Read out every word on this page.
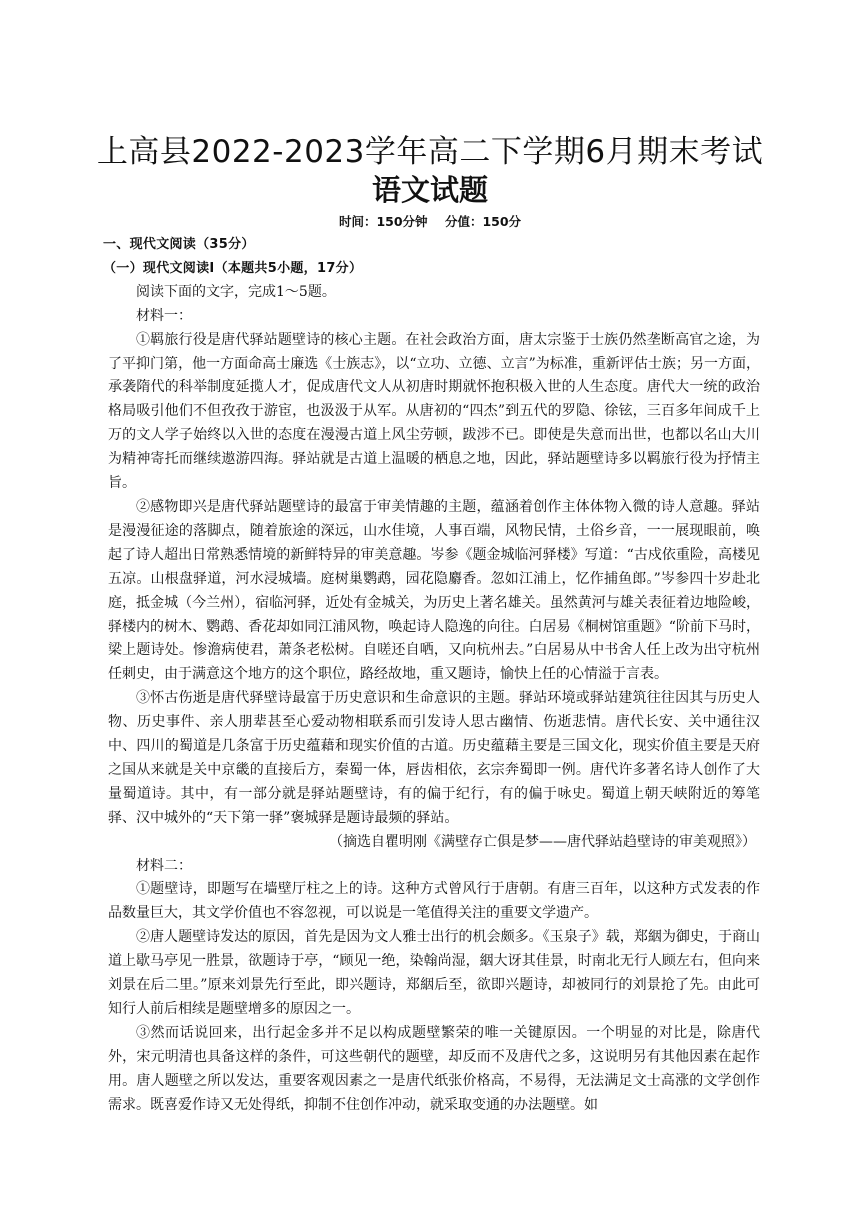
上高县2022-2023学年高二下学期6月期末考试
语文试题
时间：150分钟    分值：150分

一、现代文阅读（35分）

（一）现代文阅读Ⅰ（本题共5小题，17分）

阅读下面的文字，完成1～5题。

材料一：

①羁旅行役是唐代驿站题壁诗的核心主题。在社会政治方面，唐太宗鉴于士族仍然垄断高官之途，为了平抑门第，他一方面命高士廉选《士族志》，以“立功、立德、立言”为标准，重新评估士族；另一方面，承袭隋代的科举制度延揽人才，促成唐代文人从初唐时期就怀抱积极入世的人生态度。唐代大一统的政治格局吸引他们不但孜孜于游宦，也汲汲于从军。从唐初的“四杰”到五代的罗隐、徐铉，三百多年间成千上万的文人学子始终以入世的态度在漫漫古道上风尘劳顿，跋涉不已。即使是失意而出世，也都以名山大川为精神寄托而继续遨游四海。驿站就是古道上温暖的栖息之地，因此，驿站题壁诗多以羁旅行役为抒情主旨。

②感物即兴是唐代驿站题壁诗的最富于审美情趣的主题，蕴涵着创作主体体物入微的诗人意趣。驿站是漫漫征途的落脚点，随着旅途的深远，山水佳境，人事百端，风物民情，土俗乡音，一一展现眼前，唤起了诗人超出日常熟悉情境的新鲜特异的审美意趣。岑参《题金城临河驿楼》写道：“古戍依重险，高楼见五凉。山根盘驿道，河水浸城墙。庭树巢鹦鹉，园花隐麝香。忽如江浦上，忆作捕鱼郎。”岑参四十岁赴北庭，抵金城（今兰州），宿临河驿，近处有金城关，为历史上著名雄关。虽然黄河与雄关表征着边地险峻，驿楼内的树木、鹦鹉、香花却如同江浦风物，唤起诗人隐逸的向往。白居易《桐树馆重题》“阶前下马时，梁上题诗处。惨澹病使君，萧条老松树。自嗟还自哂，又向杭州去。”白居易从中书舍人任上改为出守杭州任刺史，由于满意这个地方的这个职位，路经故地，重又题诗，愉快上任的心情溢于言表。

③怀古伤逝是唐代驿壁诗最富于历史意识和生命意识的主题。驿站环境或驿站建筑往往因其与历史人物、历史事件、亲人朋辈甚至心爱动物相联系而引发诗人思古幽情、伤逝悲情。唐代长安、关中通往汉中、四川的蜀道是几条富于历史蕴藉和现实价值的古道。历史蕴藉主要是三国文化，现实价值主要是天府之国从来就是关中京畿的直接后方，秦蜀一体，唇齿相依，玄宗奔蜀即一例。唐代许多著名诗人创作了大量蜀道诗。其中，有一部分就是驿站题壁诗，有的偏于纪行，有的偏于咏史。蜀道上朝天峡附近的筹笔驿、汉中城外的“天下第一驿”褒城驿是题诗最频的驿站。

（摘选自瞿明刚《满壁存亡俱是梦——唐代驿站趋壁诗的审美观照》）

材料二：

①题壁诗，即题写在墙壁厅柱之上的诗。这种方式曾风行于唐朝。有唐三百年，以这种方式发表的作品数量巨大，其文学价值也不容忽视，可以说是一笔值得关注的重要文学遗产。

②唐人题壁诗发达的原因，首先是因为文人雅士出行的机会颇多。《玉泉子》载，郑絪为御史，于商山道上歇马亭见一胜景，欲题诗于亭，“顾见一绝，染翰尚湿，絪大讶其佳景，时南北无行人顾左右，但向来刘景在后二里。”原来刘景先行至此，即兴题诗，郑絪后至，欲即兴题诗，却被同行的刘景抢了先。由此可知行人前后相续是题壁增多的原因之一。

③然而话说回来，出行起金多并不足以构成题壁繁荣的唯一关键原因。一个明显的对比是，除唐代外，宋元明清也具备这样的条件，可这些朝代的题壁，却反而不及唐代之多，这说明另有其他因素在起作用。唐人题壁之所以发达，重要客观因素之一是唐代纸张价格高，不易得，无法满足文士高涨的文学创作需求。既喜爱作诗又无处得纸，抑制不住创作冲动，就采取变通的办法题壁。如
